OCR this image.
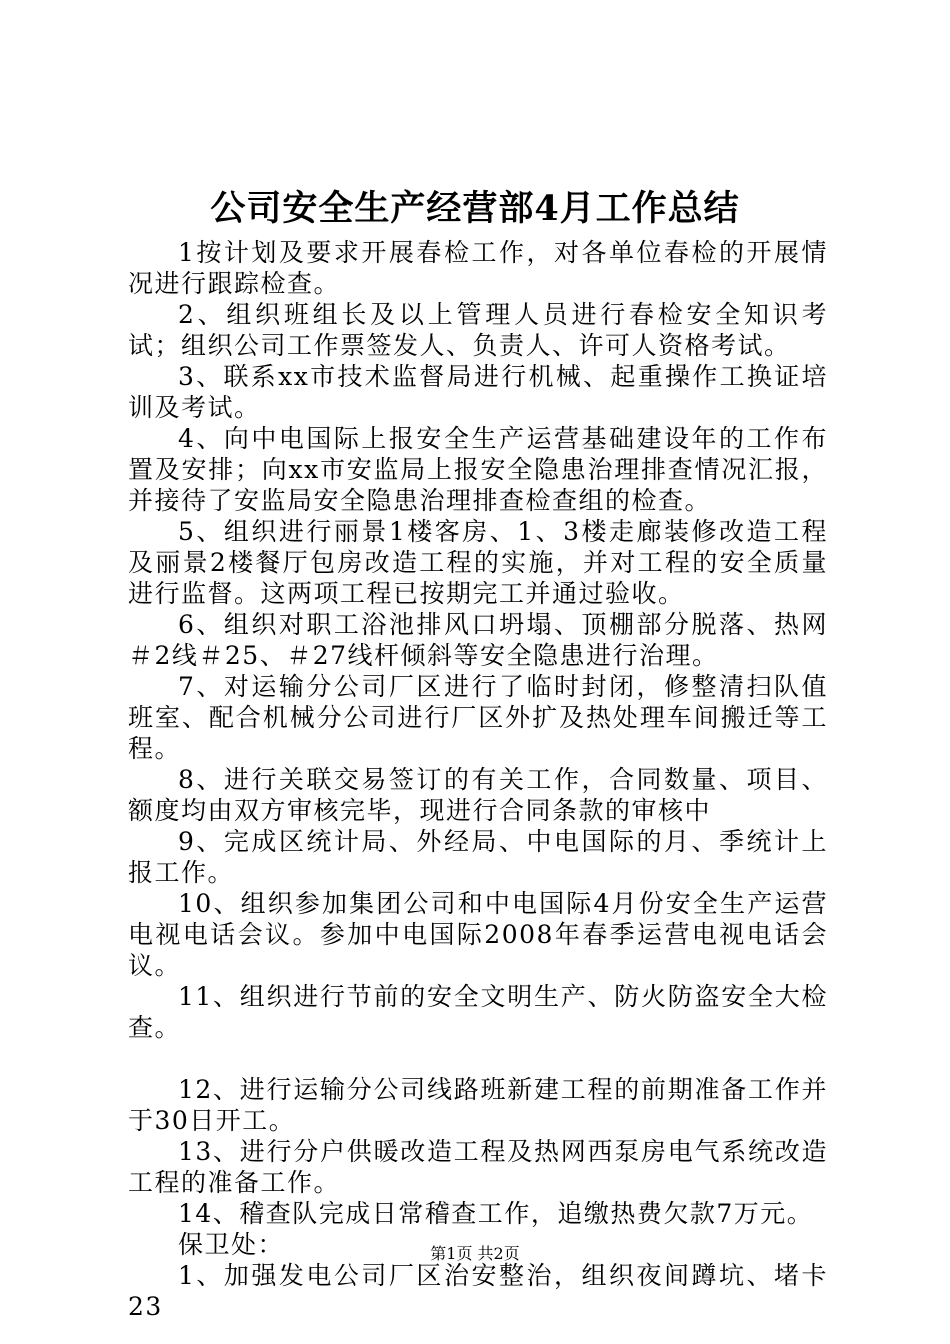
公司安全生产经营部4月工作总结

1按计划及要求开展春检工作，对各单位春检的开展情况进行跟踪检查。

2、组织班组长及以上管理人员进行春检安全知识考试；组织公司工作票签发人、负责人、许可人资格考试。

3、联系xx市技术监督局进行机械、起重操作工换证培训及考试。

4、向中电国际上报安全生产运营基础建设年的工作布置及安排；向xx市安监局上报安全隐患治理排查情况汇报，并接待了安监局安全隐患治理排查检查组的检查。

5、组织进行丽景1楼客房、1、3楼走廊装修改造工程及丽景2楼餐厅包房改造工程的实施，并对工程的安全质量进行监督。这两项工程已按期完工并通过验收。

6、组织对职工浴池排风口坍塌、顶棚部分脱落、热网＃2线＃25、＃27线杆倾斜等安全隐患进行治理。

7、对运输分公司厂区进行了临时封闭，修整清扫队值班室、配合机械分公司进行厂区外扩及热处理车间搬迁等工程。

8、进行关联交易签订的有关工作，合同数量、项目、额度均由双方审核完毕，现进行合同条款的审核中

9、完成区统计局、外经局、中电国际的月、季统计上报工作。

10、组织参加集团公司和中电国际4月份安全生产运营电视电话会议。参加中电国际2008年春季运营电视电话会议。

11、组织进行节前的安全文明生产、防火防盗安全大检查。

12、进行运输分公司线路班新建工程的前期准备工作并于30日开工。

13、进行分户供暖改造工程及热网西泵房电气系统改造工程的准备工作。

14、稽查队完成日常稽查工作，追缴热费欠款7万元。

保卫处：

1、加强发电公司厂区治安整治，组织夜间蹲坑、堵卡23

第1页 共2页
